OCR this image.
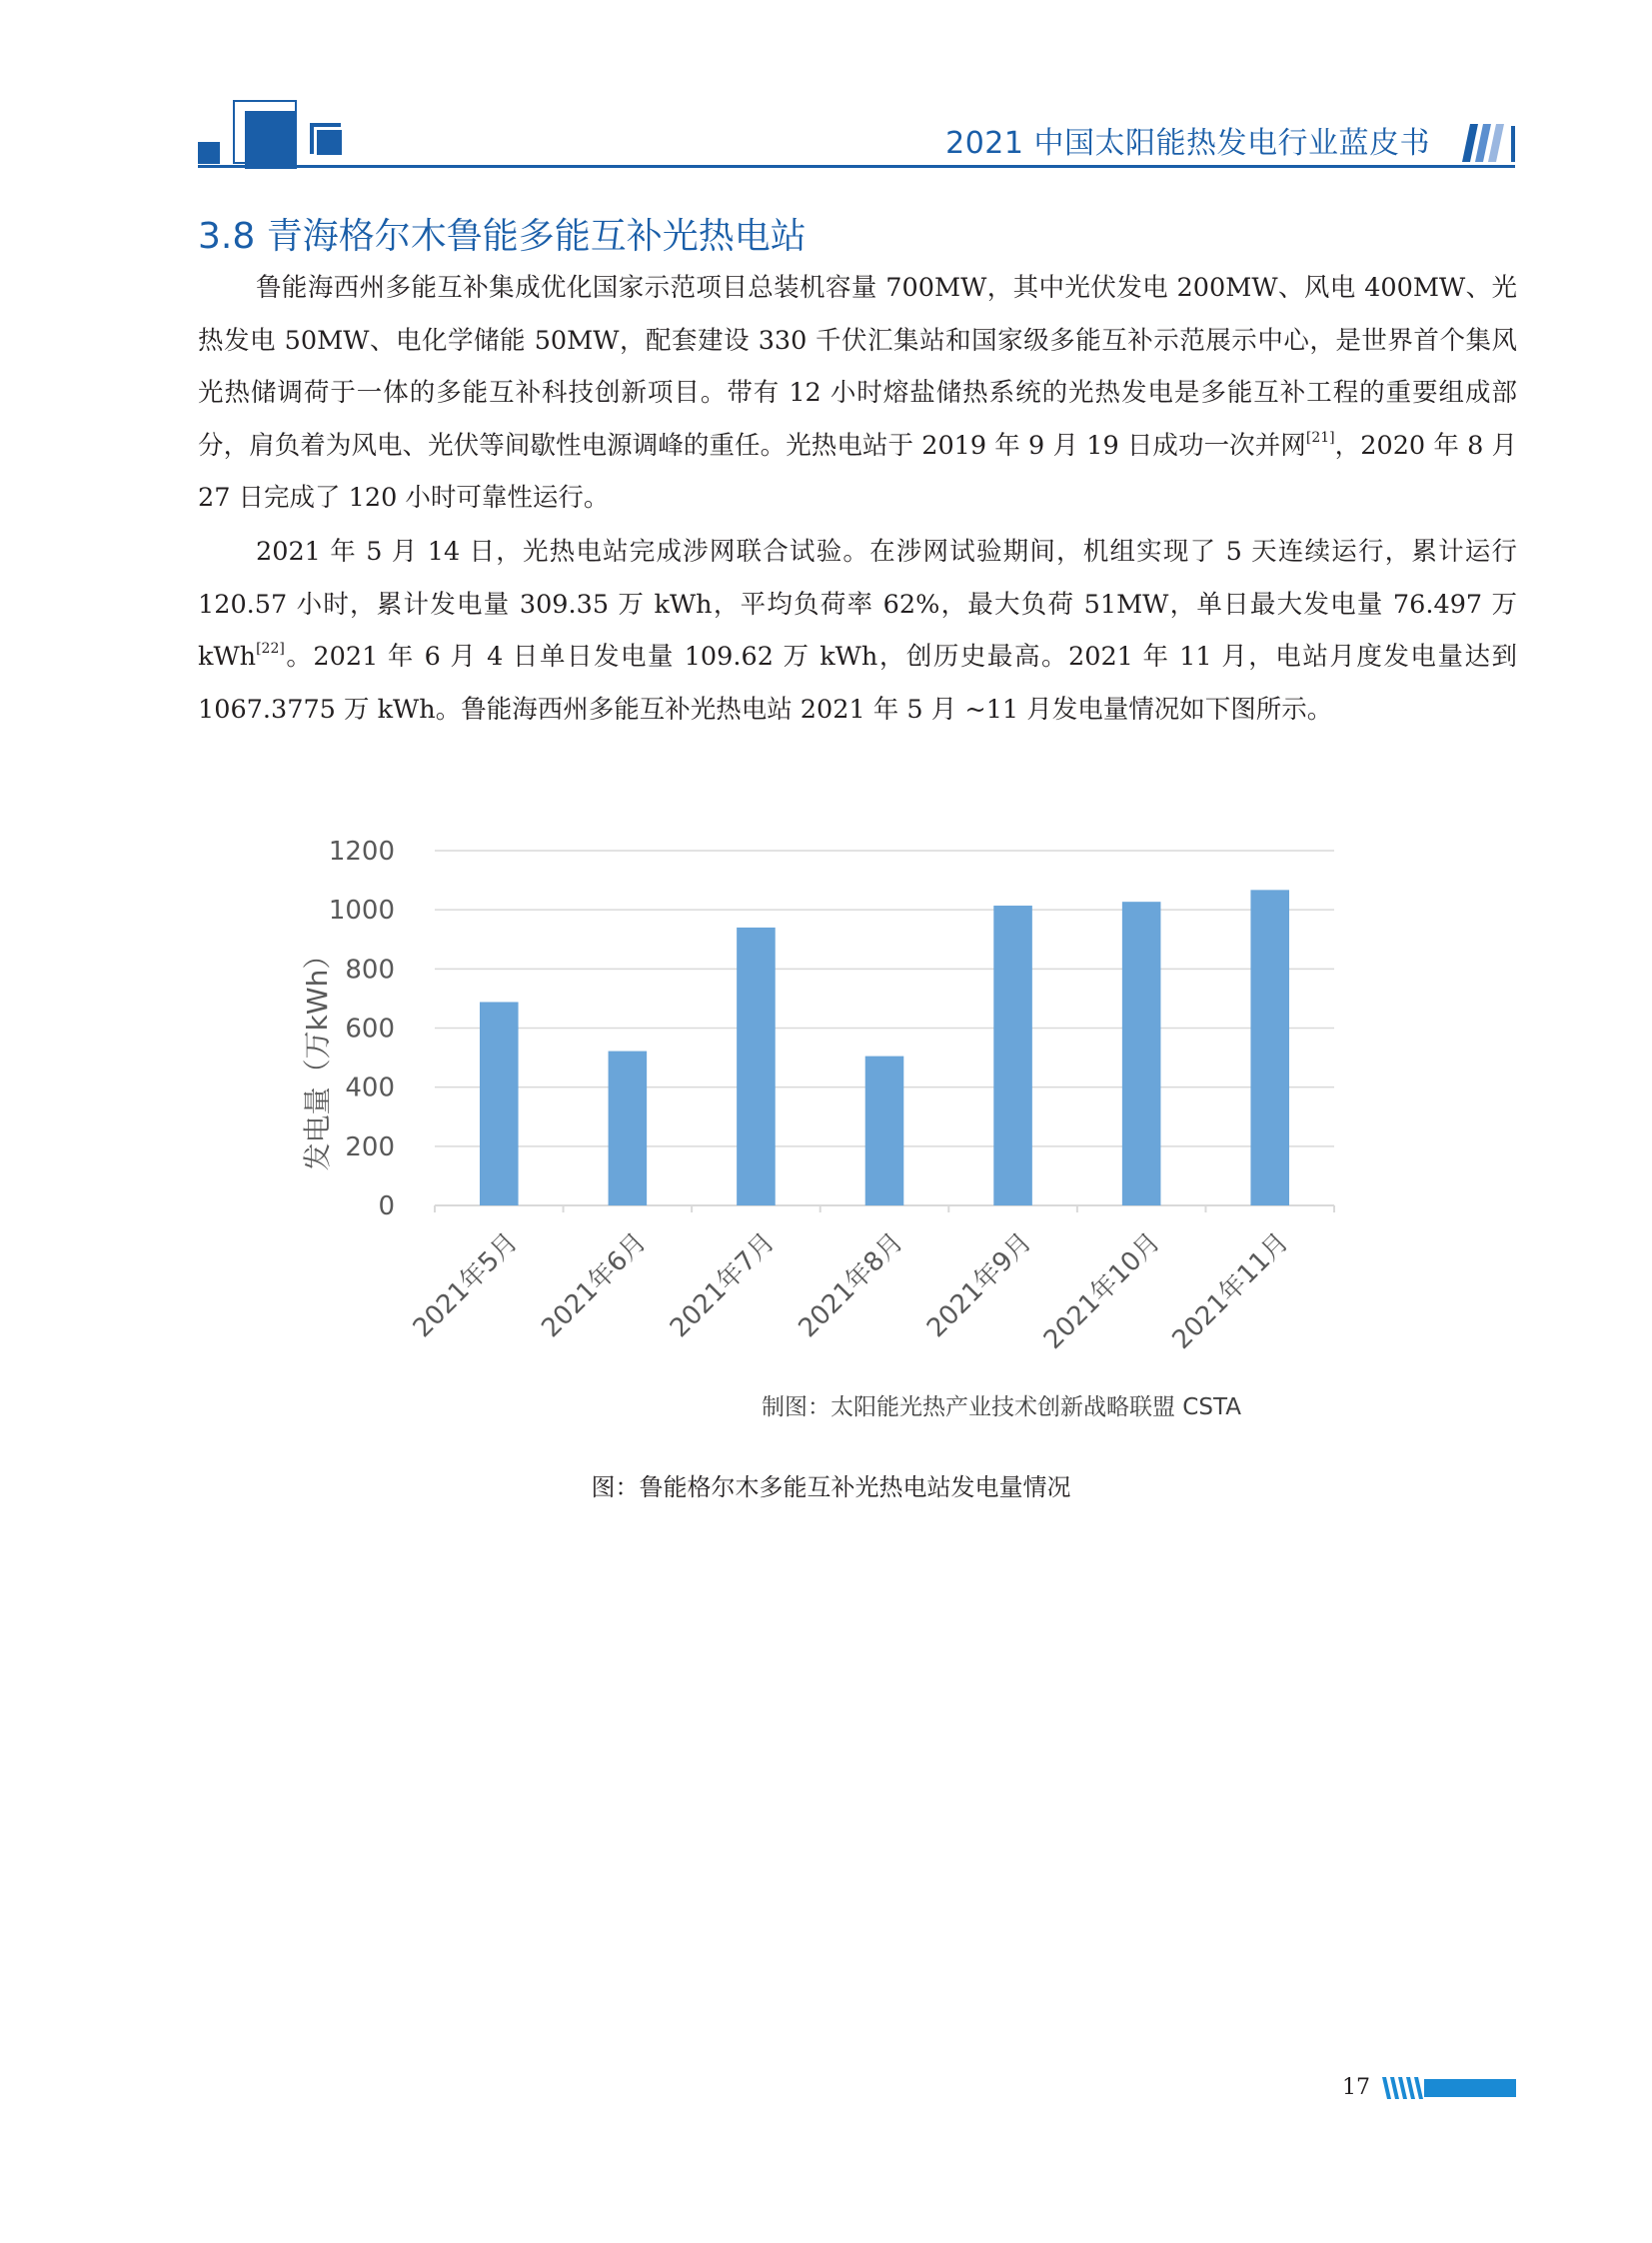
2021 中国太阳能热发电行业蓝皮书
3.8 青海格尔木鲁能多能互补光热电站

鲁能海西州多能互补集成优化国家示范项目总装机容量 700MW，其中光伏发电 200MW、风电 400MW、光热发电 50MW、电化学储能 50MW，配套建设 330 千伏汇集站和国家级多能互补示范展示中心，是世界首个集风光热储调荷于一体的多能互补科技创新项目。带有 12 小时熔盐储热系统的光热发电是多能互补工程的重要组成部分，肩负着为风电、光伏等间歇性电源调峰的重任。光热电站于 2019 年 9 月 19 日成功一次并网[21]，2020 年 8 月 27 日完成了 120 小时可靠性运行。

2021 年 5 月 14 日，光热电站完成涉网联合试验。在涉网试验期间，机组实现了 5 天连续运行，累计运行 120.57 小时，累计发电量 309.35 万 kWh，平均负荷率 62%，最大负荷 51MW，单日最大发电量 76.497 万 kWh[22]。2021 年 6 月 4 日单日发电量 109.62 万 kWh，创历史最高。2021 年 11 月，电站月度发电量达到 1067.3775 万 kWh。鲁能海西州多能互补光热电站 2021 年 5 月 ~11 月发电量情况如下图所示。

0
200
400
600
800
1000
1200
2021年5月 2021年6月 2021年7月 2021年8月 2021年9月 2021年10月 2021年11月
发电量（万kWh）
制图：太阳能光热产业技术创新战略联盟 CSTA
图：鲁能格尔木多能互补光热电站发电量情况
17
